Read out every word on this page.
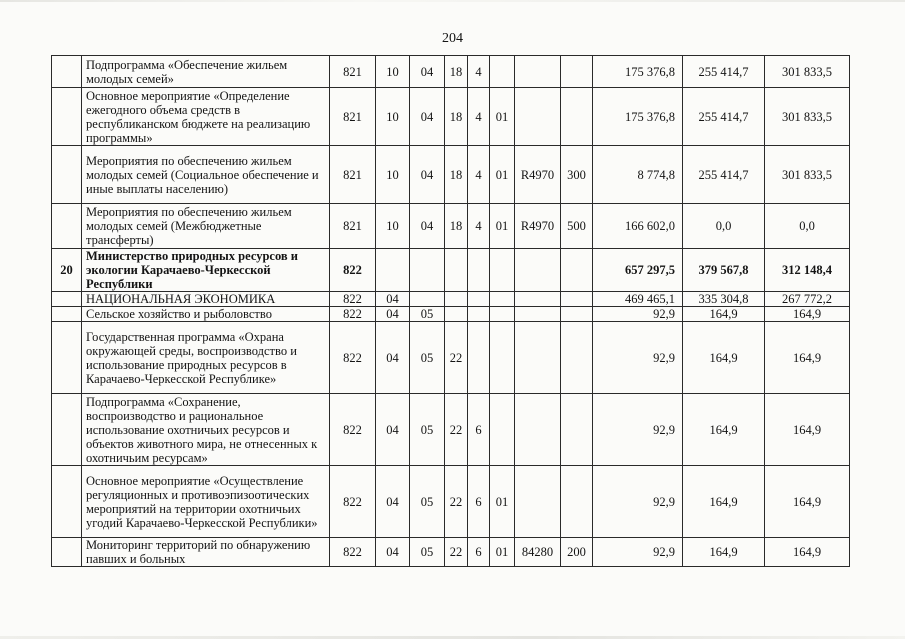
204
	Подпрограмма «Обеспечение жильем молодых семей»	821	10	04	18	4				175 376,8	255 414,7	301 833,5
	Основное мероприятие «Определение ежегодного объема средств в республиканском бюджете на реализацию программы»	821	10	04	18	4	01			175 376,8	255 414,7	301 833,5
	Мероприятия по обеспечению жильем молодых семей (Социальное обеспечение и иные выплаты населению)	821	10	04	18	4	01	R4970	300	8 774,8	255 414,7	301 833,5
	Мероприятия по обеспечению жильем молодых семей (Межбюджетные трансферты)	821	10	04	18	4	01	R4970	500	166 602,0	0,0	0,0
20	Министерство природных ресурсов и экологии Карачаево-Черкесской Республики	822								657 297,5	379 567,8	312 148,4
	НАЦИОНАЛЬНАЯ ЭКОНОМИКА	822	04							469 465,1	335 304,8	267 772,2
	Сельское хозяйство и рыболовство	822	04	05						92,9	164,9	164,9
	Государственная программа «Охрана окружающей среды, воспроизводство и использование природных ресурсов в Карачаево-Черкесской Республике»	822	04	05	22					92,9	164,9	164,9
	Подпрограмма «Сохранение, воспроизводство и рациональное использование охотничьих ресурсов и объектов животного мира, не отнесенных к охотничьим ресурсам»	822	04	05	22	6				92,9	164,9	164,9
	Основное мероприятие «Осуществление регуляционных и противоэпизоотических мероприятий на территории охотничьих угодий Карачаево-Черкесской Республики»	822	04	05	22	6	01			92,9	164,9	164,9
	Мониторинг территорий по обнаружению павших и больных	822	04	05	22	6	01	84280	200	92,9	164,9	164,9
